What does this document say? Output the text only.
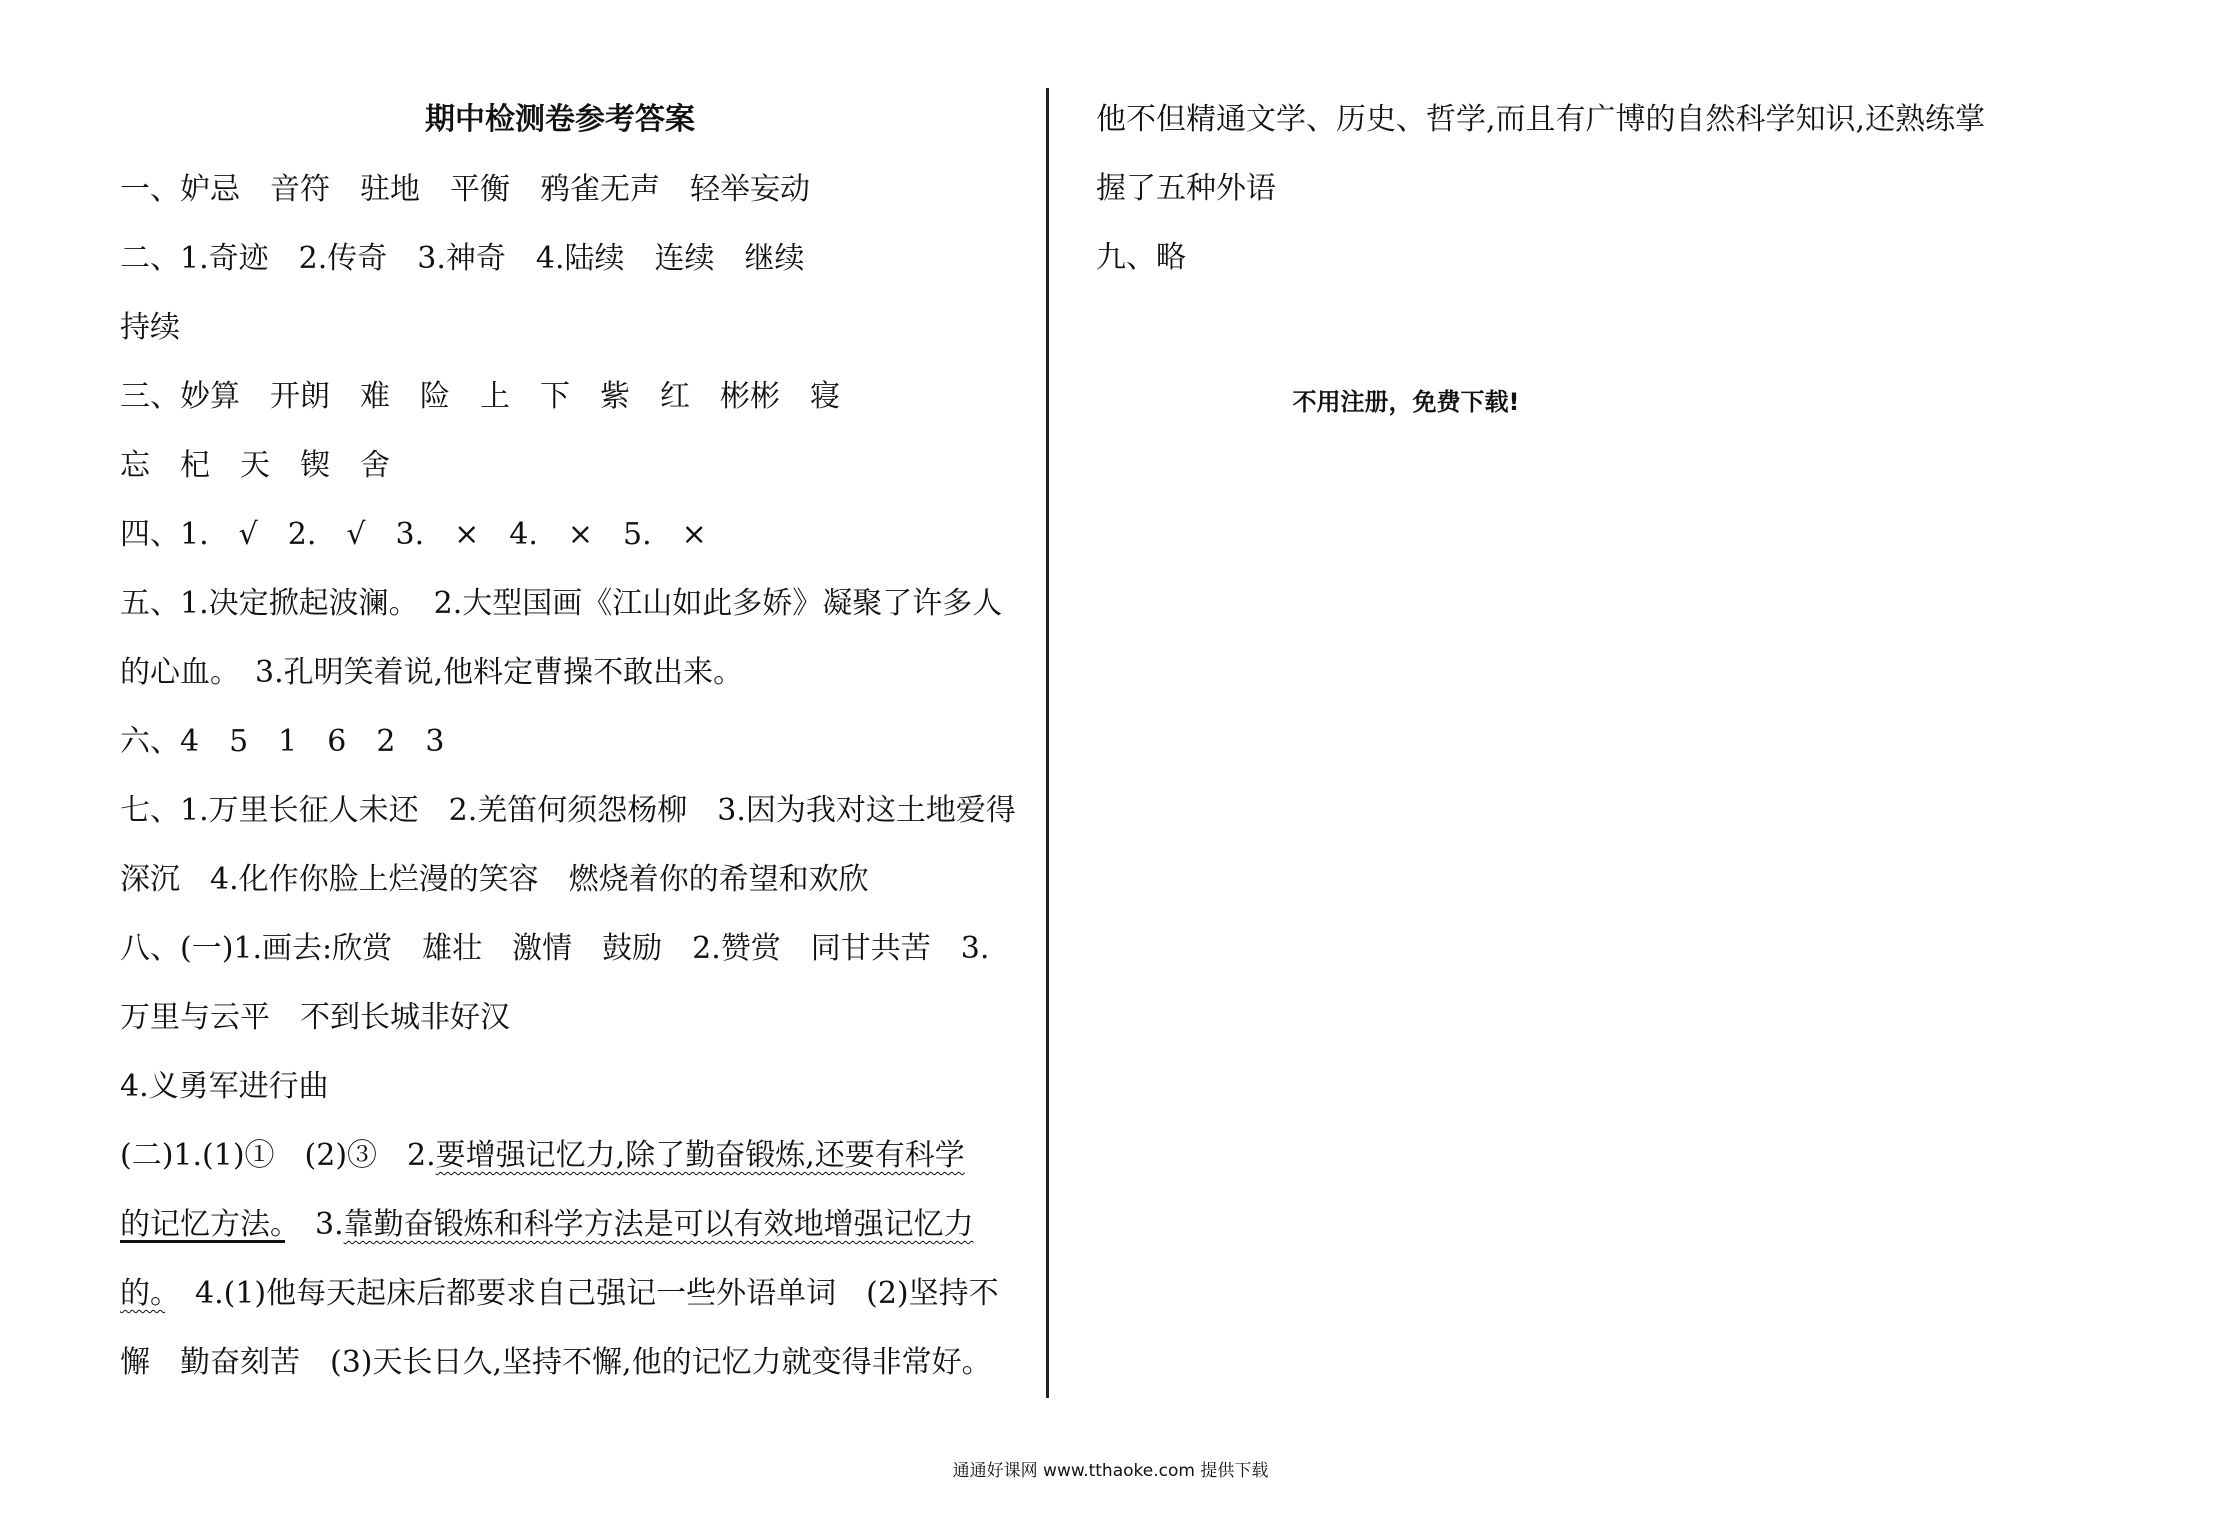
期中检测卷参考答案
一、妒忌　音符　驻地　平衡　鸦雀无声　轻举妄动
二、1.奇迹　2.传奇　3.神奇　4.陆续　连续　继续
持续
三、妙算　开朗　难　险　上　下　紫　红　彬彬　寝
忘　杞　天　锲　舍
四、1.　√　2.　√　3.　×　4.　×　5.　×
五、1.决定掀起波澜。　2.大型国画《江山如此多娇》凝聚了许多人
的心血。　3.孔明笑着说,他料定曹操不敢出来。
六、4　5　1　6　2　3
七、1.万里长征人未还　2.羌笛何须怨杨柳　3.因为我对这土地爱得
深沉　4.化作你脸上烂漫的笑容　燃烧着你的希望和欢欣
八、(一)1.画去:欣赏　雄壮　激情　鼓励　2.赞赏　同甘共苦　3.
万里与云平　不到长城非好汉
4.义勇军进行曲
(二)1.(1)①　(2)③　2.要增强记忆力,除了勤奋锻炼,还要有科学
的记忆方法。　3.靠勤奋锻炼和科学方法是可以有效地增强记忆力
的。　4.(1)他每天起床后都要求自己强记一些外语单词　(2)坚持不
懈　勤奋刻苦　(3)天长日久,坚持不懈,他的记忆力就变得非常好。
他不但精通文学、历史、哲学,而且有广博的自然科学知识,还熟练掌
握了五种外语
九、略
不用注册，免费下载!
通通好课网 www.tthaoke.com 提供下载
